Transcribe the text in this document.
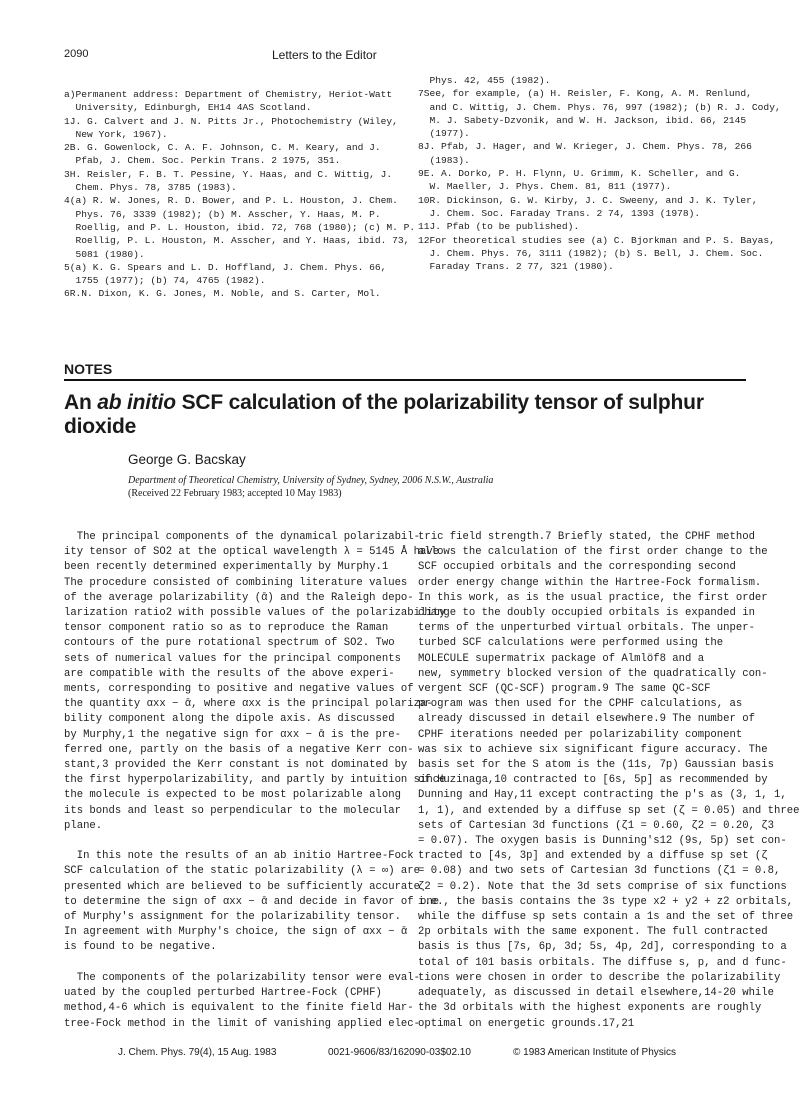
2090	Letters to the Editor
a)Permanent address: Department of Chemistry, Heriot-Watt
University, Edinburgh, EH14 4AS Scotland.
1J. G. Calvert and J. N. Pitts Jr., Photochemistry (Wiley,
New York, 1967).
2B. G. Gowenlock, C. A. F. Johnson, C. M. Keary, and J.
Pfab, J. Chem. Soc. Perkin Trans. 2 1975, 351.
3H. Reisler, F. B. T. Pessine, Y. Haas, and C. Wittig, J.
Chem. Phys. 78, 3785 (1983).
4(a) R. W. Jones, R. D. Bower, and P. L. Houston, J. Chem.
Phys. 76, 3339 (1982); (b) M. Asscher, Y. Haas, M. P.
Roellig, and P. L. Houston, ibid. 72, 768 (1980); (c) M. P.
Roellig, P. L. Houston, M. Asscher, and Y. Haas, ibid. 73,
5081 (1980).
5(a) K. G. Spears and L. D. Hoffland, J. Chem. Phys. 66,
1755 (1977); (b) 74, 4765 (1982).
6R.N. Dixon, K. G. Jones, M. Noble, and S. Carter, Mol.
Phys. 42, 455 (1982).
7See, for example, (a) H. Reisler, F. Kong, A. M. Renlund,
and C. Wittig, J. Chem. Phys. 76, 997 (1982); (b) R. J. Cody,
M. J. Sabety-Dzvonik, and W. H. Jackson, ibid. 66, 2145
(1977).
8J. Pfab, J. Hager, and W. Krieger, J. Chem. Phys. 78, 266
(1983).
9E. A. Dorko, P. H. Flynn, U. Grimm, K. Scheller, and G.
W. Maeller, J. Phys. Chem. 81, 811 (1977).
10R. Dickinson, G. W. Kirby, J. C. Sweeny, and J. K. Tyler,
J. Chem. Soc. Faraday Trans. 2 74, 1393 (1978).
11J. Pfab (to be published).
12For theoretical studies see (a) C. Bjorkman and P. S. Bayas,
J. Chem. Phys. 76, 3111 (1982); (b) S. Bell, J. Chem. Soc.
Faraday Trans. 2 77, 321 (1980).
NOTES
An ab initio SCF calculation of the polarizability tensor of sulphur dioxide
George G. Bacskay
Department of Theoretical Chemistry, University of Sydney, Sydney, 2006 N.S.W., Australia
(Received 22 February 1983; accepted 10 May 1983)
The principal components of the dynamical polarizabil-
ity tensor of SO2 at the optical wavelength λ = 5145 Å have
been recently determined experimentally by Murphy.1
The procedure consisted of combining literature values
of the average polarizability (ᾱ) and the Raleigh depo-
larization ratio2 with possible values of the polarizability
tensor component ratio so as to reproduce the Raman
contours of the pure rotational spectrum of SO2. Two
sets of numerical values for the principal components
are compatible with the results of the above experi-
ments, corresponding to positive and negative values of
the quantity αxx − ᾱ, where αxx is the principal polariza-
bility component along the dipole axis. As discussed
by Murphy,1 the negative sign for αxx − ᾱ is the pre-
ferred one, partly on the basis of a negative Kerr con-
stant,3 provided the Kerr constant is not dominated by
the first hyperpolarizability, and partly by intuition since
the molecule is expected to be most polarizable along
its bonds and least so perpendicular to the molecular
plane.

In this note the results of an ab initio Hartree-Fock
SCF calculation of the static polarizability (λ = ∞) are
presented which are believed to be sufficiently accurate
to determine the sign of αxx − ᾱ and decide in favor of one
of Murphy's assignment for the polarizability tensor.
In agreement with Murphy's choice, the sign of αxx − ᾱ
is found to be negative.

The components of the polarizability tensor were eval-
uated by the coupled perturbed Hartree-Fock (CPHF)
method,4-6 which is equivalent to the finite field Har-
tree-Fock method in the limit of vanishing applied elec-
tric field strength.7 Briefly stated, the CPHF method
allows the calculation of the first order change to the
SCF occupied orbitals and the corresponding second
order energy change within the Hartree-Fock formalism.
In this work, as is the usual practice, the first order
change to the doubly occupied orbitals is expanded in
terms of the unperturbed virtual orbitals. The unper-
turbed SCF calculations were performed using the
MOLECULE supermatrix package of Almlöf8 and a
new, symmetry blocked version of the quadratically con-
vergent SCF (QC-SCF) program.9 The same QC-SCF
program was then used for the CPHF calculations, as
already discussed in detail elsewhere.9 The number of
CPHF iterations needed per polarizability component
was six to achieve six significant figure accuracy. The
basis set for the S atom is the (11s, 7p) Gaussian basis
of Huzinaga,10 contracted to [6s, 5p] as recommended by
Dunning and Hay,11 except contracting the p's as (3, 1, 1,
1, 1), and extended by a diffuse sp set (ζ = 0.05) and three
sets of Cartesian 3d functions (ζ1 = 0.60, ζ2 = 0.20, ζ3
= 0.07). The oxygen basis is Dunning's12 (9s, 5p) set con-
tracted to [4s, 3p] and extended by a diffuse sp set (ζ
= 0.08) and two sets of Cartesian 3d functions (ζ1 = 0.8,
ζ2 = 0.2). Note that the 3d sets comprise of six functions
i.e., the basis contains the 3s type x2 + y2 + z2 orbitals,
while the diffuse sp sets contain a 1s and the set of three
2p orbitals with the same exponent. The full contracted
basis is thus [7s, 6p, 3d; 5s, 4p, 2d], corresponding to a
total of 101 basis orbitals. The diffuse s, p, and d func-
tions were chosen in order to describe the polarizability
adequately, as discussed in detail elsewhere,14-20 while
the 3d orbitals with the highest exponents are roughly
optimal on energetic grounds.17,21
J. Chem. Phys. 79(4), 15 Aug. 1983	0021-9606/83/162090-03$02.10	© 1983 American Institute of Physics
